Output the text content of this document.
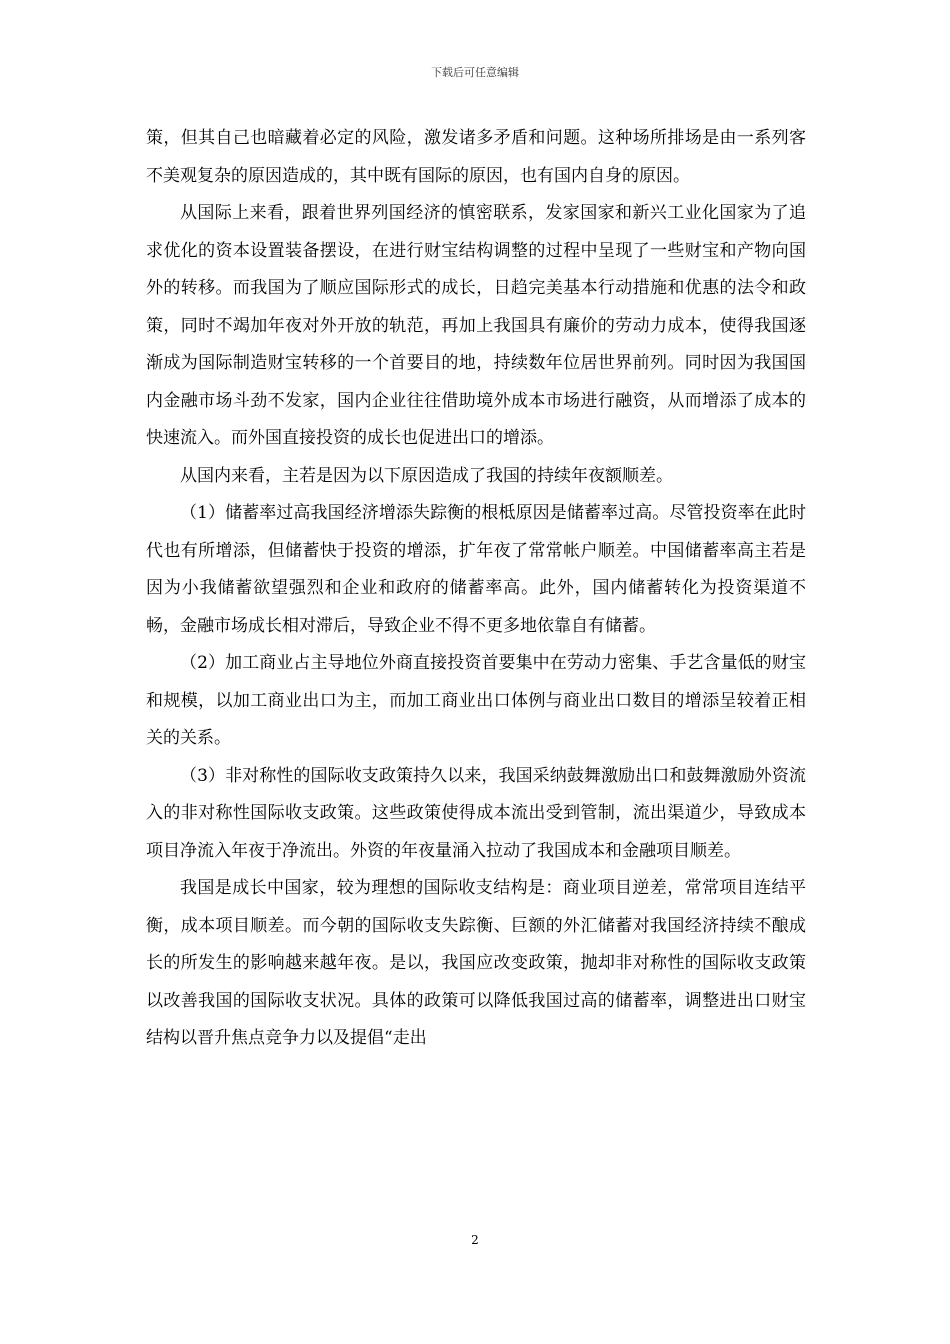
下载后可任意编辑

策，但其自己也暗藏着必定的风险，激发诸多矛盾和问题。这种场所排场是由一系列客不美观复杂的原因造成的，其中既有国际的原因，也有国内自身的原因。

从国际上来看，跟着世界列国经济的慎密联系，发家国家和新兴工业化国家为了追求优化的资本设置装备摆设，在进行财宝结构调整的过程中呈现了一些财宝和产物向国外的转移。而我国为了顺应国际形式的成长，日趋完美基本行动措施和优惠的法令和政策，同时不竭加年夜对外开放的轨范，再加上我国具有廉价的劳动力成本，使得我国逐渐成为国际制造财宝转移的一个首要目的地，持续数年位居世界前列。同时因为我国国内金融市场斗劲不发家，国内企业往往借助境外成本市场进行融资，从而增添了成本的快速流入。而外国直接投资的成长也促进出口的增添。

从国内来看，主若是因为以下原因造成了我国的持续年夜额顺差。

（1）储蓄率过高我国经济增添失踪衡的根柢原因是储蓄率过高。尽管投资率在此时代也有所增添，但储蓄快于投资的增添，扩年夜了常常帐户顺差。中国储蓄率高主若是因为小我储蓄欲望强烈和企业和政府的储蓄率高。此外，国内储蓄转化为投资渠道不畅，金融市场成长相对滞后，导致企业不得不更多地依靠自有储蓄。

（2）加工商业占主导地位外商直接投资首要集中在劳动力密集、手艺含量低的财宝和规模，以加工商业出口为主，而加工商业出口体例与商业出口数目的增添呈较着正相关的关系。

（3）非对称性的国际收支政策持久以来，我国采纳鼓舞激励出口和鼓舞激励外资流入的非对称性国际收支政策。这些政策使得成本流出受到管制，流出渠道少，导致成本项目净流入年夜于净流出。外资的年夜量涌入拉动了我国成本和金融项目顺差。

我国是成长中国家，较为理想的国际收支结构是：商业项目逆差，常常项目连结平衡，成本项目顺差。而今朝的国际收支失踪衡、巨额的外汇储蓄对我国经济持续不酿成长的所发生的影响越来越年夜。是以，我国应改变政策，抛却非对称性的国际收支政策以改善我国的国际收支状况。具体的政策可以降低我国过高的储蓄率，调整进出口财宝结构以晋升焦点竞争力以及提倡“走出

2
